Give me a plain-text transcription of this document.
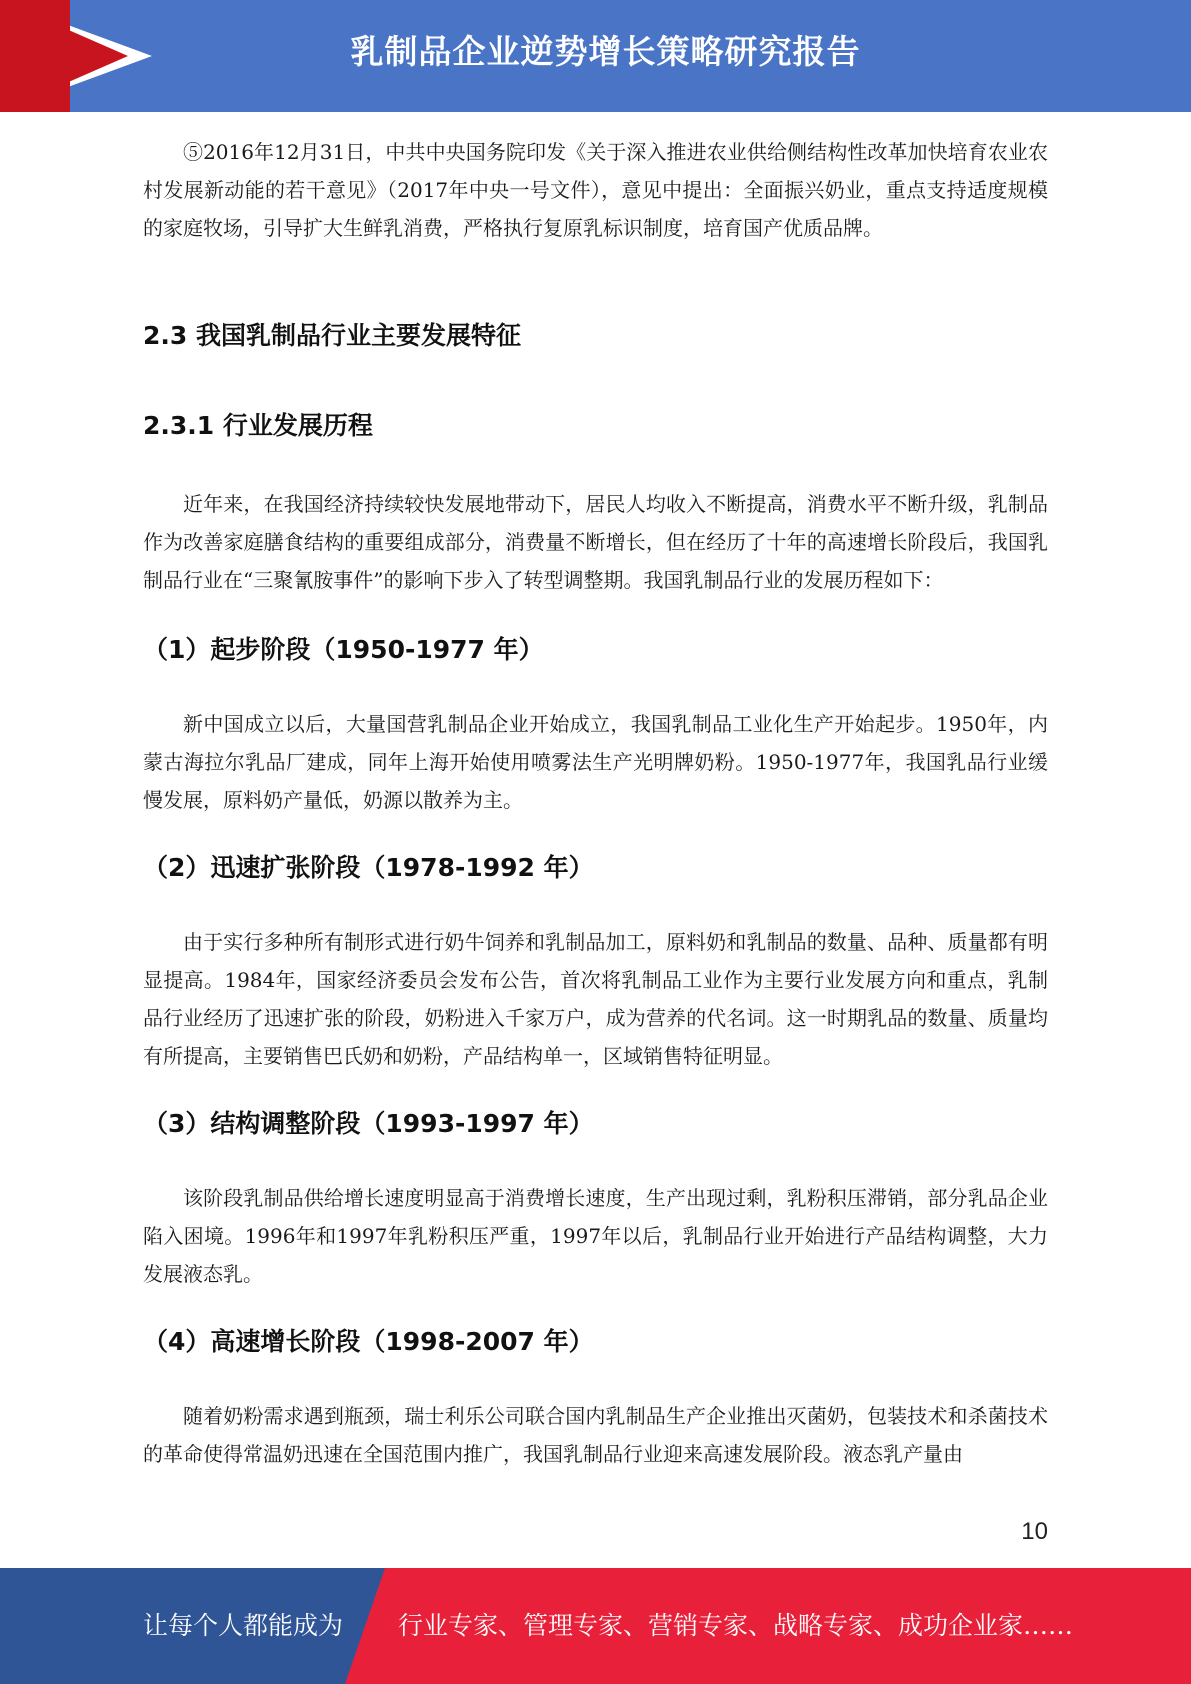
乳制品企业逆势增长策略研究报告

⑤2016年12月31日，中共中央国务院印发《关于深入推进农业供给侧结构性改革加快培育农业农村发展新动能的若干意见》（2017年中央一号文件），意见中提出：全面振兴奶业，重点支持适度规模的家庭牧场，引导扩大生鲜乳消费，严格执行复原乳标识制度，培育国产优质品牌。

2.3 我国乳制品行业主要发展特征
2.3.1 行业发展历程

近年来，在我国经济持续较快发展地带动下，居民人均收入不断提高，消费水平不断升级，乳制品作为改善家庭膳食结构的重要组成部分，消费量不断增长，但在经历了十年的高速增长阶段后，我国乳制品行业在“三聚氰胺事件”的影响下步入了转型调整期。我国乳制品行业的发展历程如下：

（1）起步阶段（1950-1977 年）

新中国成立以后，大量国营乳制品企业开始成立，我国乳制品工业化生产开始起步。1950年，内蒙古海拉尔乳品厂建成，同年上海开始使用喷雾法生产光明牌奶粉。1950-1977年，我国乳品行业缓慢发展，原料奶产量低，奶源以散养为主。

（2）迅速扩张阶段（1978-1992 年）

由于实行多种所有制形式进行奶牛饲养和乳制品加工，原料奶和乳制品的数量、品种、质量都有明显提高。1984年，国家经济委员会发布公告，首次将乳制品工业作为主要行业发展方向和重点，乳制品行业经历了迅速扩张的阶段，奶粉进入千家万户，成为营养的代名词。这一时期乳品的数量、质量均有所提高，主要销售巴氏奶和奶粉，产品结构单一，区域销售特征明显。

（3）结构调整阶段（1993-1997 年）

该阶段乳制品供给增长速度明显高于消费增长速度，生产出现过剩，乳粉积压滞销，部分乳品企业陷入困境。1996年和1997年乳粉积压严重，1997年以后，乳制品行业开始进行产品结构调整，大力发展液态乳。

（4）高速增长阶段（1998-2007 年）

随着奶粉需求遇到瓶颈，瑞士利乐公司联合国内乳制品生产企业推出灭菌奶，包装技术和杀菌技术的革命使得常温奶迅速在全国范围内推广，我国乳制品行业迎来高速发展阶段。液态乳产量由

10
让每个人都能成为 行业专家、管理专家、营销专家、战略专家、成功企业家……
